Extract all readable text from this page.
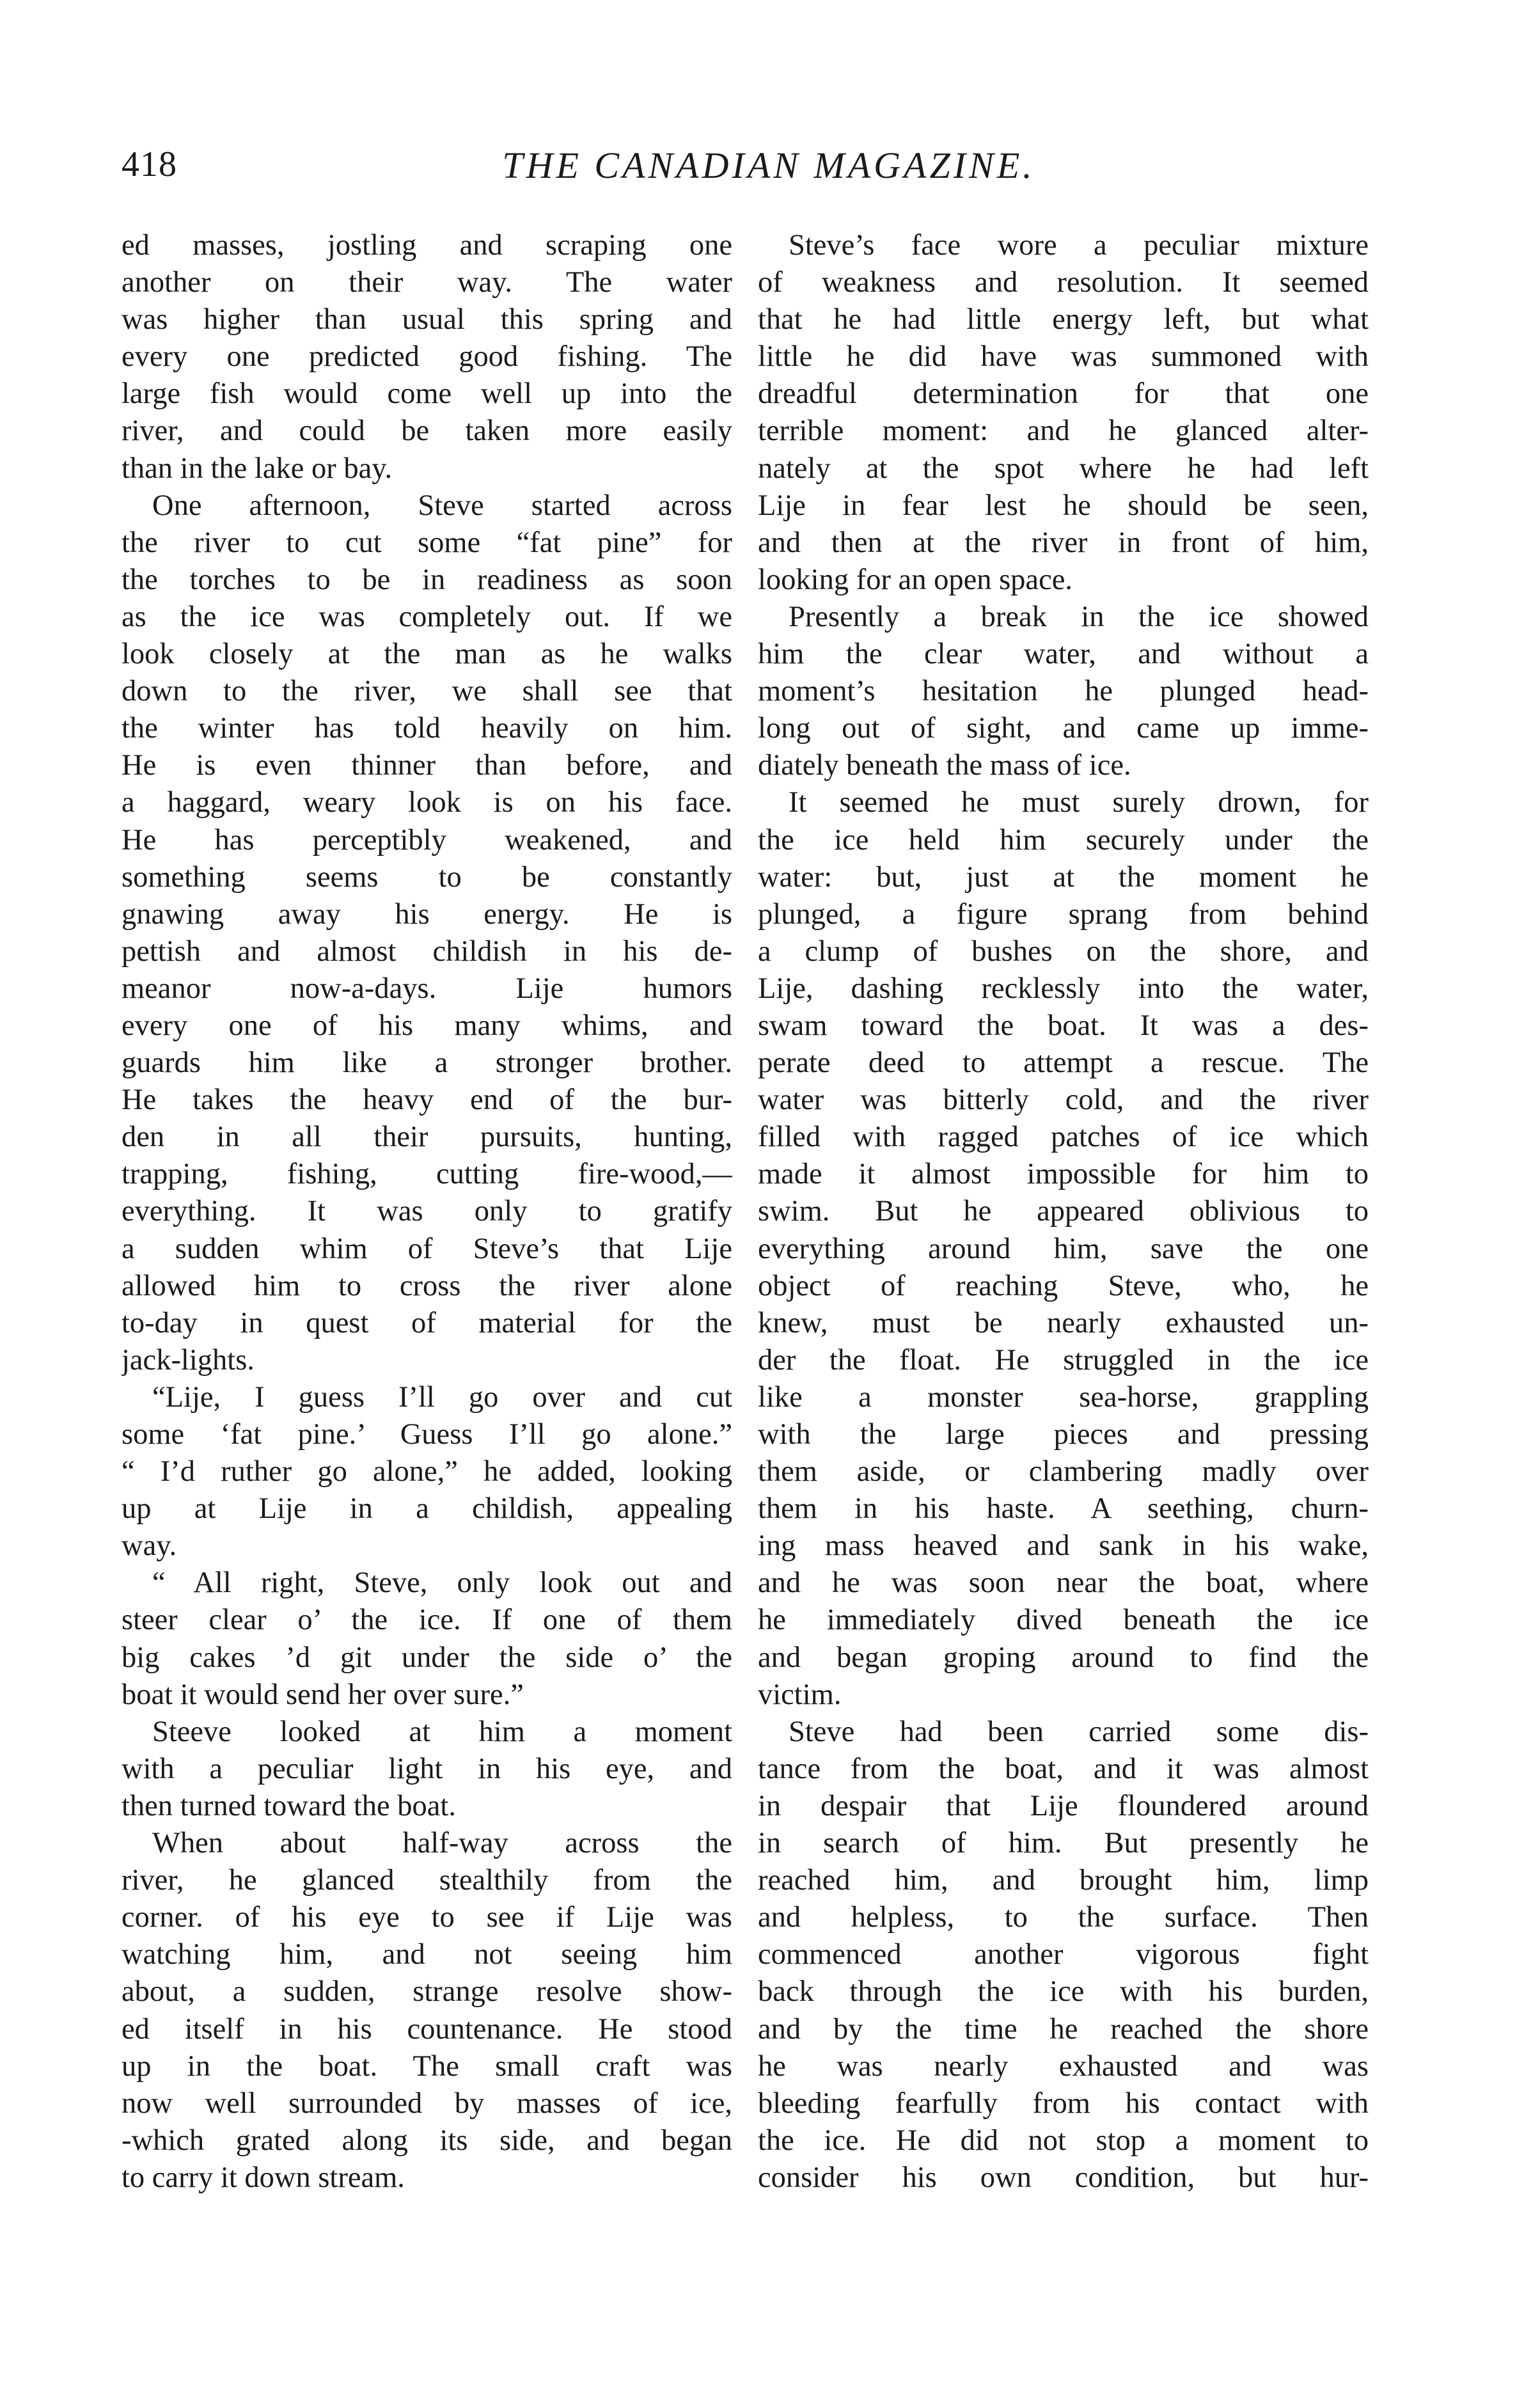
418	THE CANADIAN MAGAZINE.
ed masses, jostling and scraping one
another on their way. The water
was higher than usual this spring and
every one predicted good fishing. The
large fish would come well up into the
river, and could be taken more easily
than in the lake or bay.
One afternoon, Steve started across
the river to cut some “fat pine” for
the torches to be in readiness as soon
as the ice was completely out. If we
look closely at the man as he walks
down to the river, we shall see that
the winter has told heavily on him.
He is even thinner than before, and
a haggard, weary look is on his face.
He has perceptibly weakened, and
something seems to be constantly
gnawing away his energy. He is
pettish and almost childish in his de-
meanor now-a-days. Lije humors
every one of his many whims, and
guards him like a stronger brother.
He takes the heavy end of the bur-
den in all their pursuits, hunting,
trapping, fishing, cutting fire-wood,—
everything. It was only to gratify
a sudden whim of Steve’s that Lije
allowed him to cross the river alone
to-day in quest of material for the
jack-lights.
“Lije, I guess I’ll go over and cut
some ‘fat pine.’ Guess I’ll go alone.”
“ I’d ruther go alone,” he added, looking
up at Lije in a childish, appealing
way.
“ All right, Steve, only look out and
steer clear o’ the ice. If one of them
big cakes ’d git under the side o’ the
boat it would send her over sure.”
Steeve looked at him a moment
with a peculiar light in his eye, and
then turned toward the boat.
When about half-way across the
river, he glanced stealthily from the
corner. of his eye to see if Lije was
watching him, and not seeing him
about, a sudden, strange resolve show-
ed itself in his countenance. He stood
up in the boat. The small craft was
now well surrounded by masses of ice,
-which grated along its side, and began
to carry it down stream.
Steve’s face wore a peculiar mixture
of weakness and resolution. It seemed
that he had little energy left, but what
little he did have was summoned with
dreadful determination for that one
terrible moment: and he glanced alter-
nately at the spot where he had left
Lije in fear lest he should be seen,
and then at the river in front of him,
looking for an open space.
Presently a break in the ice showed
him the clear water, and without a
moment’s hesitation he plunged head-
long out of sight, and came up imme-
diately beneath the mass of ice.
It seemed he must surely drown, for
the ice held him securely under the
water: but, just at the moment he
plunged, a figure sprang from behind
a clump of bushes on the shore, and
Lije, dashing recklessly into the water,
swam toward the boat. It was a des-
perate deed to attempt a rescue. The
water was bitterly cold, and the river
filled with ragged patches of ice which
made it almost impossible for him to
swim. But he appeared oblivious to
everything around him, save the one
object of reaching Steve, who, he
knew, must be nearly exhausted un-
der the float. He struggled in the ice
like a monster sea-horse, grappling
with the large pieces and pressing
them aside, or clambering madly over
them in his haste. A seething, churn-
ing mass heaved and sank in his wake,
and he was soon near the boat, where
he immediately dived beneath the ice
and began groping around to find the
victim.
Steve had been carried some dis-
tance from the boat, and it was almost
in despair that Lije floundered around
in search of him. But presently he
reached him, and brought him, limp
and helpless, to the surface. Then
commenced another vigorous fight
back through the ice with his burden,
and by the time he reached the shore
he was nearly exhausted and was
bleeding fearfully from his contact with
the ice. He did not stop a moment to
consider his own condition, but hur-
